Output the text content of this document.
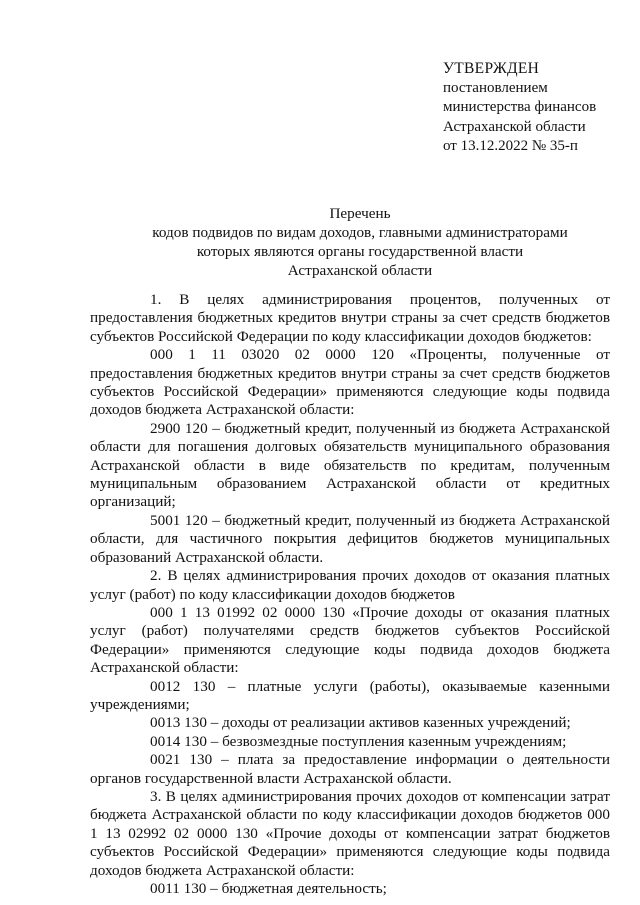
УТВЕРЖДЕН
постановлением
министерства финансов
Астраханской области
от 13.12.2022 № 35-п
Перечень
кодов подвидов по видам доходов, главными администраторами
которых являются органы государственной власти
Астраханской области

1. В целях администрирования процентов, полученных от предоставления бюджетных кредитов внутри страны за счет средств бюджетов субъектов Российской Федерации по коду классификации доходов бюджетов:

000 1 11 03020 02 0000 120 «Проценты, полученные от предоставления бюджетных кредитов внутри страны за счет средств бюджетов субъектов Российской Федерации» применяются следующие коды подвида доходов бюджета Астраханской области:

2900 120 – бюджетный кредит, полученный из бюджета Астраханской области для погашения долговых обязательств муниципального образования Астраханской области в виде обязательств по кредитам, полученным муниципальным образованием Астраханской области от кредитных организаций;

5001 120 – бюджетный кредит, полученный из бюджета Астраханской области, для частичного покрытия дефицитов бюджетов муниципальных образований Астраханской области.

2. В целях администрирования прочих доходов от оказания платных услуг (работ) по коду классификации доходов бюджетов

000 1 13 01992 02 0000 130 «Прочие доходы от оказания платных услуг (работ) получателями средств бюджетов субъектов Российской Федерации» применяются следующие коды подвида доходов бюджета Астраханской области:

0012 130 – платные услуги (работы), оказываемые казенными учреждениями;

0013 130 – доходы от реализации активов казенных учреждений;

0014 130 – безвозмездные поступления казенным учреждениям;

0021 130 – плата за предоставление информации о деятельности органов государственной власти Астраханской области.

3. В целях администрирования прочих доходов от компенсации затрат бюджета Астраханской области по коду классификации доходов бюджетов 000 1 13 02992 02 0000 130 «Прочие доходы от компенсации затрат бюджетов субъектов Российской Федерации» применяются следующие коды подвида доходов бюджета Астраханской области:

0011 130 – бюджетная деятельность;
